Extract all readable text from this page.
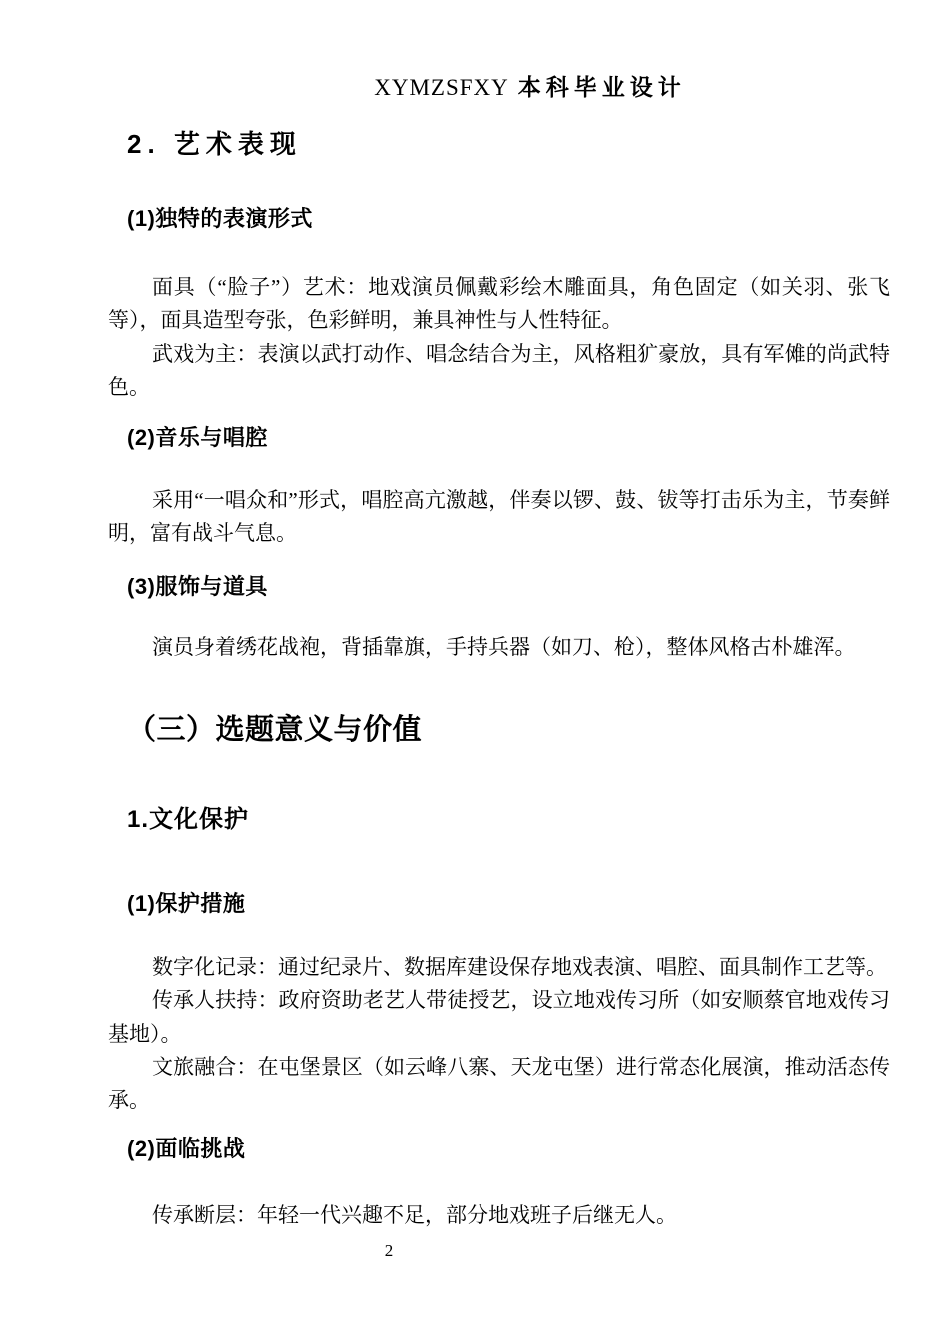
XYMZSFXY 本科毕业设计
2. 艺术表现
(1)独特的表演形式

面具（“脸子”）艺术：地戏演员佩戴彩绘木雕面具，角色固定（如关羽、张飞等），面具造型夸张，色彩鲜明，兼具神性与人性特征。

武戏为主：表演以武打动作、唱念结合为主，风格粗犷豪放，具有军傩的尚武特色。

(2)音乐与唱腔

采用“一唱众和”形式，唱腔高亢激越，伴奏以锣、鼓、钹等打击乐为主，节奏鲜明，富有战斗气息。

(3)服饰与道具

演员身着绣花战袍，背插靠旗，手持兵器（如刀、枪），整体风格古朴雄浑。

（三）选题意义与价值
1.文化保护
(1)保护措施

数字化记录：通过纪录片、数据库建设保存地戏表演、唱腔、面具制作工艺等。

传承人扶持：政府资助老艺人带徒授艺，设立地戏传习所（如安顺蔡官地戏传习基地）。

文旅融合：在屯堡景区（如云峰八寨、天龙屯堡）进行常态化展演，推动活态传承。

(2)面临挑战

传承断层：年轻一代兴趣不足，部分地戏班子后继无人。

2
